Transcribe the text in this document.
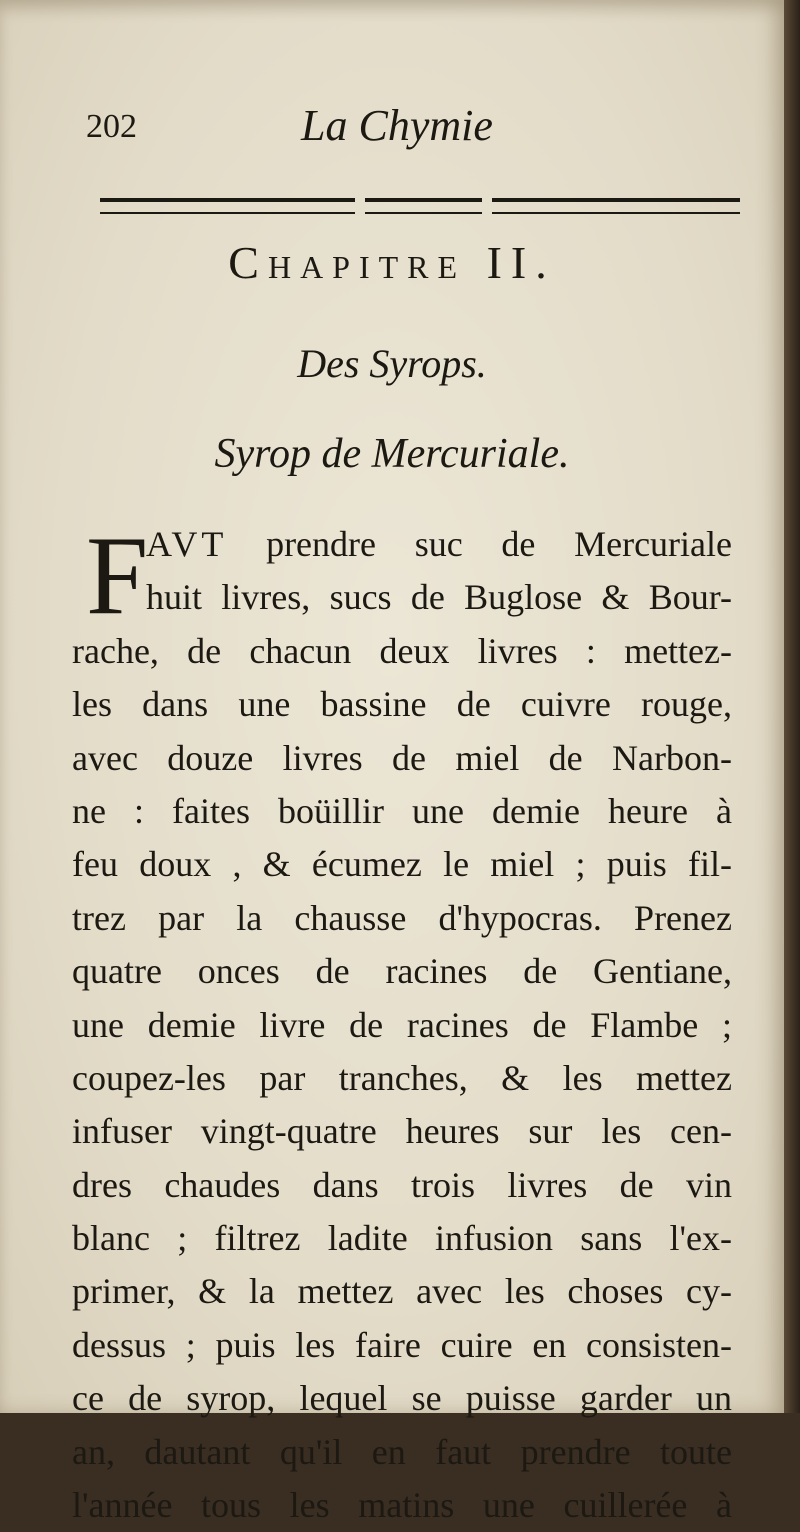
202	La Chymie
Chapitre II.
Des Syrops.
Syrop de Mercuriale.
F
AVT prendre suc de Mercuriale
huit livres, sucs de Buglose & Bour-
rache, de chacun deux livres : mettez-
les dans une bassine de cuivre rouge,
avec douze livres de miel de Narbon-
ne : faites boüillir une demie heure à
feu doux , & écumez le miel ; puis fil-
trez par la chausse d'hypocras. Prenez
quatre onces de racines de Gentiane,
une demie livre de racines de Flambe ;
coupez-les par tranches, & les mettez
infuser vingt-quatre heures sur les cen-
dres chaudes dans trois livres de vin
blanc ; filtrez ladite infusion sans l'ex-
primer, & la mettez avec les choses cy-
dessus ; puis les faire cuire en consisten-
ce de syrop, lequel se puisse garder un
an, dautant qu'il en faut prendre toute
l'année tous les matins une cuillerée à
